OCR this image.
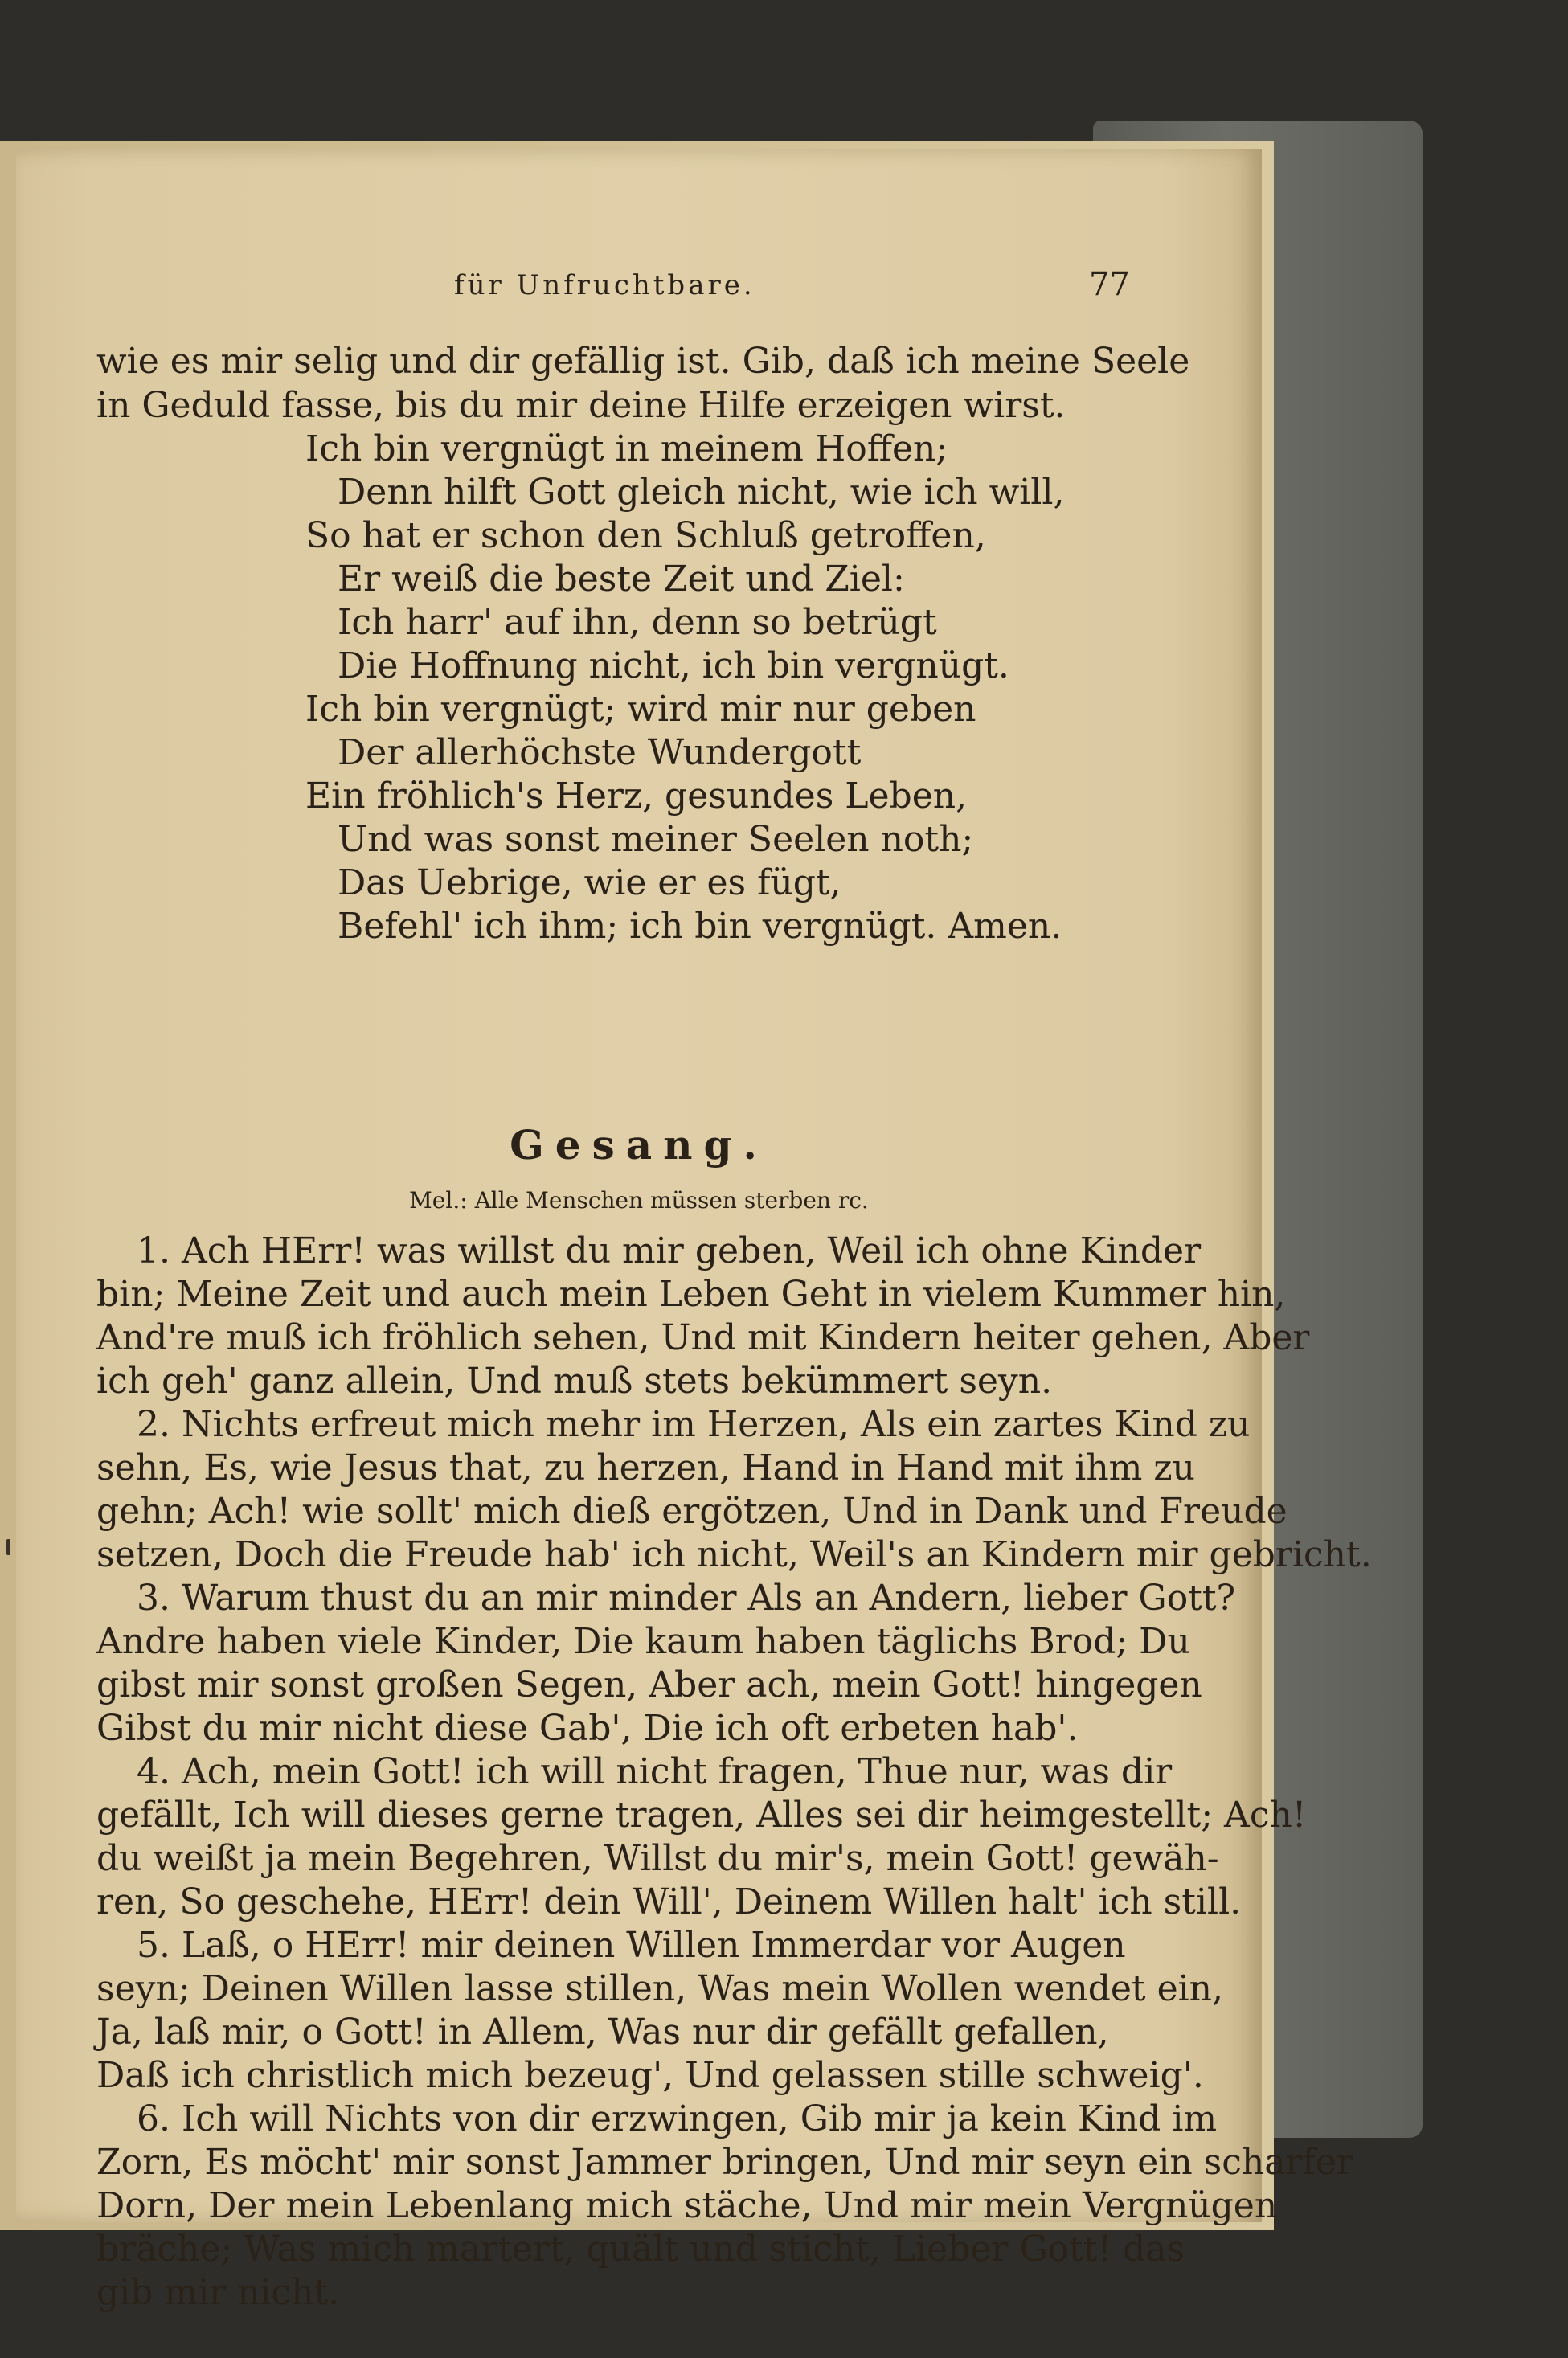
für Unfruchtbare.	77
wie es mir selig und dir gefällig ist. Gib, daß ich meine Seele
in Geduld fasse, bis du mir deine Hilfe erzeigen wirst.
Ich bin vergnügt in meinem Hoffen;
Denn hilft Gott gleich nicht, wie ich will,
So hat er schon den Schluß getroffen,
Er weiß die beste Zeit und Ziel:
Ich harr' auf ihn, denn so betrügt
Die Hoffnung nicht, ich bin vergnügt.
Ich bin vergnügt; wird mir nur geben
Der allerhöchste Wundergott
Ein fröhlich's Herz, gesundes Leben,
Und was sonst meiner Seelen noth;
Das Uebrige, wie er es fügt,
Befehl' ich ihm; ich bin vergnügt. Amen.
Gesang.
Mel.: Alle Menschen müssen sterben rc.
1. Ach HErr! was willst du mir geben, Weil ich ohne Kinder
bin; Meine Zeit und auch mein Leben Geht in vielem Kummer hin,
And're muß ich fröhlich sehen, Und mit Kindern heiter gehen, Aber
ich geh' ganz allein, Und muß stets bekümmert seyn.
2. Nichts erfreut mich mehr im Herzen, Als ein zartes Kind zu
sehn, Es, wie Jesus that, zu herzen, Hand in Hand mit ihm zu
gehn; Ach! wie sollt' mich dieß ergötzen, Und in Dank und Freude
setzen, Doch die Freude hab' ich nicht, Weil's an Kindern mir gebricht.
3. Warum thust du an mir minder Als an Andern, lieber Gott?
Andre haben viele Kinder, Die kaum haben täglichs Brod; Du
gibst mir sonst großen Segen, Aber ach, mein Gott! hingegen
Gibst du mir nicht diese Gab', Die ich oft erbeten hab'.
4. Ach, mein Gott! ich will nicht fragen, Thue nur, was dir
gefällt, Ich will dieses gerne tragen, Alles sei dir heimgestellt; Ach!
du weißt ja mein Begehren, Willst du mir's, mein Gott! gewäh-
ren, So geschehe, HErr! dein Will', Deinem Willen halt' ich still.
5. Laß, o HErr! mir deinen Willen Immerdar vor Augen
seyn; Deinen Willen lasse stillen, Was mein Wollen wendet ein,
Ja, laß mir, o Gott! in Allem, Was nur dir gefällt gefallen,
Daß ich christlich mich bezeug', Und gelassen stille schweig'.
6. Ich will Nichts von dir erzwingen, Gib mir ja kein Kind im
Zorn, Es möcht' mir sonst Jammer bringen, Und mir seyn ein scharfer
Dorn, Der mein Lebenlang mich stäche, Und mir mein Vergnügen
bräche; Was mich martert, quält und sticht, Lieber Gott! das
gib mir nicht.
